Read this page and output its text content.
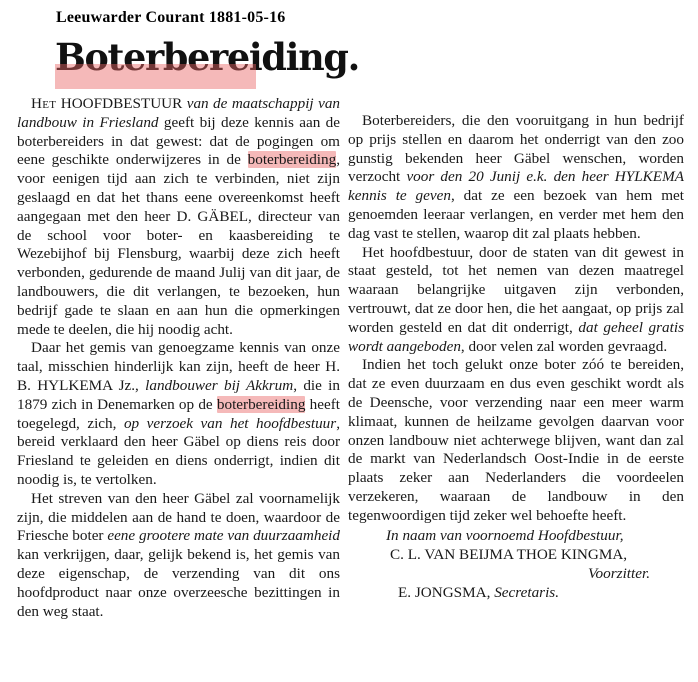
Leeuwarder Courant 1881-05-16
Boterbereiding.

Het HOOFDBESTUUR van de maatschappij van landbouw in Friesland geeft bij deze kennis aan de boterbereiders in dat gewest: dat de pogingen om eene geschikte onderwijzeres in de boterbereiding, voor eenigen tijd aan zich te verbinden, niet zijn geslaagd en dat het thans eene overeenkomst heeft aangegaan met den heer D. GÄBEL, directeur van de school voor boter- en kaasbereiding te Wezebijhof bij Flensburg, waarbij deze zich heeft verbonden, gedurende de maand Julij van dit jaar, de landbouwers, die dit verlangen, te bezoeken, hun bedrijf gade te slaan en aan hun die opmerkingen mede te deelen, die hij noodig acht.

Daar het gemis van genoegzame kennis van onze taal, misschien hinderlijk kan zijn, heeft de heer H. B. HYLKEMA Jz., landbouwer bij Akkrum, die in 1879 zich in Denemarken op de boterbereiding heeft toegelegd, zich, op verzoek van het hoofdbestuur, bereid verklaard den heer Gäbel op diens reis door Friesland te geleiden en diens onderrigt, indien dit noodig is, te vertolken.

Het streven van den heer Gäbel zal voornamelijk zijn, die middelen aan de hand te doen, waardoor de Friesche boter eene grootere mate van duurzaamheid kan verkrijgen, daar, gelijk bekend is, het gemis van deze eigenschap, de verzending van dit ons hoofdproduct naar onze overzeesche bezittingen in den weg staat.

Boterbereiders, die den vooruitgang in hun bedrijf op prijs stellen en daarom het onderrigt van den zoo gunstig bekenden heer Gäbel wenschen, worden verzocht voor den 20 Junij e.k. den heer HYLKEMA kennis te geven, dat ze een bezoek van hem met genoemden leeraar verlangen, en verder met hem den dag vast te stellen, waarop dit zal plaats hebben.

Het hoofdbestuur, door de staten van dit gewest in staat gesteld, tot het nemen van dezen maatregel waaraan belangrijke uitgaven zijn verbonden, vertrouwt, dat ze door hen, die het aangaat, op prijs zal worden gesteld en dat dit onderrigt, dat geheel gratis wordt aangeboden, door velen zal worden gevraagd.

Indien het toch gelukt onze boter zóó te bereiden, dat ze even duurzaam en dus even geschikt wordt als de Deensche, voor verzending naar een meer warm klimaat, kunnen de heilzame gevolgen daarvan voor onzen landbouw niet achterwege blijven, want dan zal de markt van Nederlandsch Oost-Indie in de eerste plaats zeker aan Nederlanders die voordeelen verzekeren, waaraan de landbouw in den tegenwoordigen tijd zeker wel behoefte heeft.

In naam van voornoemd Hoofdbestuur,
C. L. VAN BEIJMA THOE KINGMA,
Voorzitter.
E. JONGSMA, Secretaris.
